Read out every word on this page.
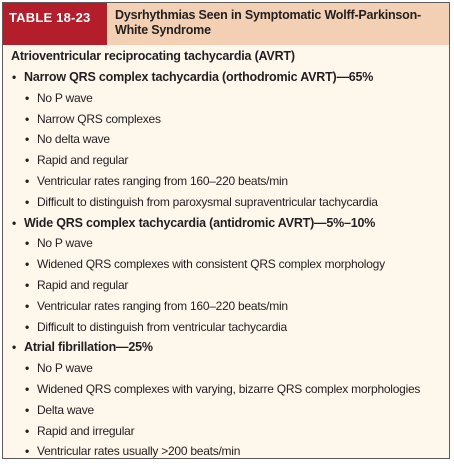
TABLE 18-23	Dysrhythmias Seen in Symptomatic Wolff-Parkinson-White Syndrome
Atrioventricular reciprocating tachycardia (AVRT)
• Narrow QRS complex tachycardia (orthodromic AVRT)—65%
• No P wave
• Narrow QRS complexes
• No delta wave
• Rapid and regular
• Ventricular rates ranging from 160–220 beats/min
• Difficult to distinguish from paroxysmal supraventricular tachycardia
• Wide QRS complex tachycardia (antidromic AVRT)—5%–10%
• No P wave
• Widened QRS complexes with consistent QRS complex morphology
• Rapid and regular
• Ventricular rates ranging from 160–220 beats/min
• Difficult to distinguish from ventricular tachycardia
• Atrial fibrillation—25%
• No P wave
• Widened QRS complexes with varying, bizarre QRS complex morphologies
• Delta wave
• Rapid and irregular
• Ventricular rates usually >200 beats/min
